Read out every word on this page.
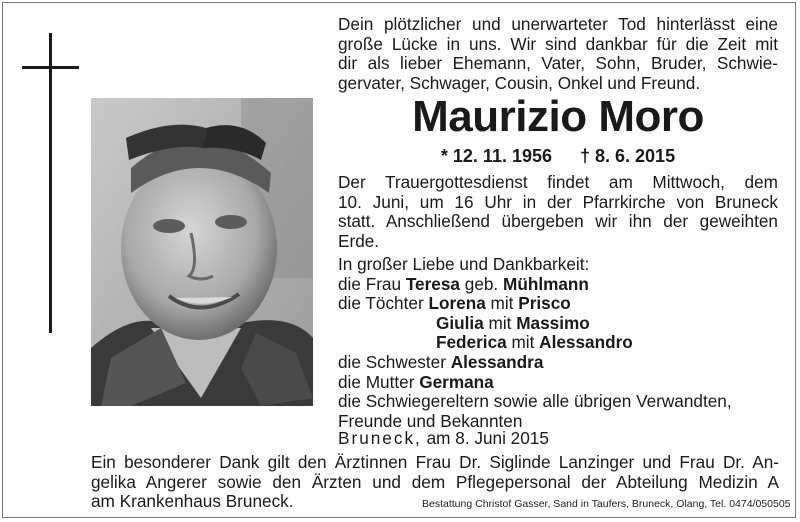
Dein plötzlicher und unerwarteter Tod hinterlässt eine
große Lücke in uns. Wir sind dankbar für die Zeit mit
dir als lieber Ehemann, Vater, Sohn, Bruder, Schwie-
gervater, Schwager, Cousin, Onkel und Freund.
Maurizio Moro
* 12. 11. 1956 † 8. 6. 2015
Der Trauergottesdienst findet am Mittwoch, dem
10. Juni, um 16 Uhr in der Pfarrkirche von Bruneck
statt. Anschließend übergeben wir ihn der geweihten
Erde.
In großer Liebe und Dankbarkeit:
die Frau Teresa geb. Mühlmann
die Töchter Lorena mit Prisco
Giulia mit Massimo
Federica mit Alessandro
die Schwester Alessandra
die Mutter Germana
die Schwiegereltern sowie alle übrigen Verwandten,
Freunde und Bekannten
Bruneck, am 8. Juni 2015
Ein besonderer Dank gilt den Ärztinnen Frau Dr. Siglinde Lanzinger und Frau Dr. An-
gelika Angerer sowie den Ärzten und dem Pflegepersonal der Abteilung Medizin A
am Krankenhaus Bruneck.	Bestattung Christof Gasser, Sand in Taufers, Bruneck, Olang, Tel. 0474/050505
